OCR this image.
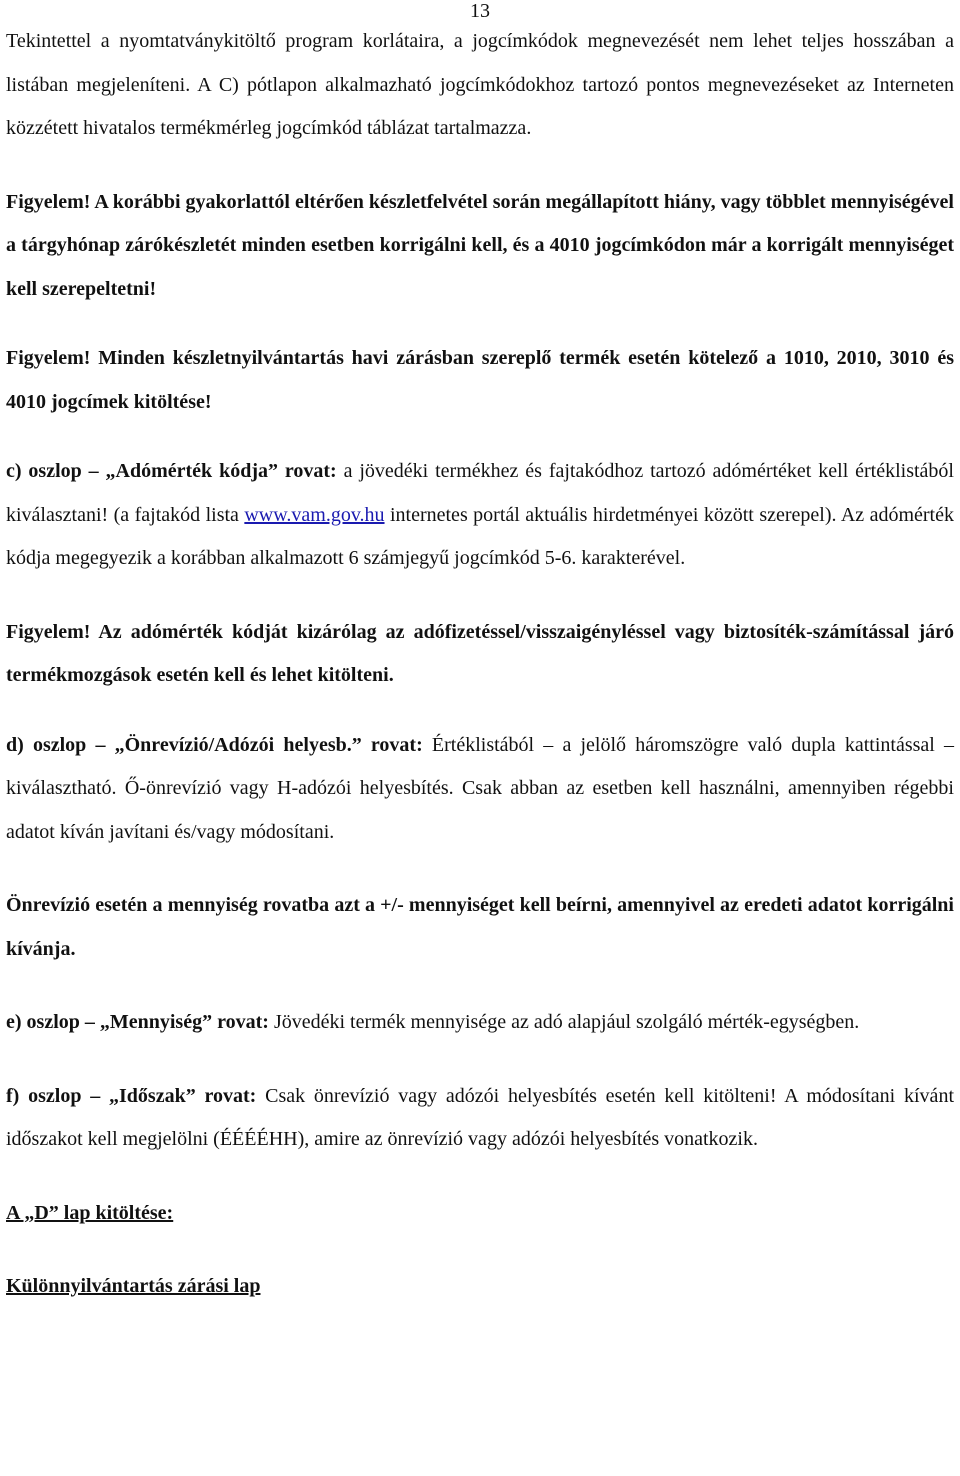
13

Tekintettel a nyomtatványkitöltő program korlátaira, a jogcímkódok megnevezését nem lehet teljes hosszában a listában megjeleníteni. A C) pótlapon alkalmazható jogcímkódokhoz tartozó pontos megnevezéseket az Interneten közzétett hivatalos termékmérleg jogcímkód táblázat tartalmazza.

Figyelem! A korábbi gyakorlattól eltérően készletfelvétel során megállapított hiány, vagy többlet mennyiségével a tárgyhónap zárókészletét minden esetben korrigálni kell, és a 4010 jogcímkódon már a korrigált mennyiséget kell szerepeltetni!

Figyelem! Minden készletnyilvántartás havi zárásban szereplő termék esetén kötelező a 1010, 2010, 3010 és 4010 jogcímek kitöltése!

c) oszlop – „Adómérték kódja” rovat: a jövedéki termékhez és fajtakódhoz tartozó adómértéket kell értéklistából kiválasztani! (a fajtakód lista www.vam.gov.hu internetes portál aktuális hirdetményei között szerepel). Az adómérték kódja megegyezik a korábban alkalmazott 6 számjegyű jogcímkód 5-6. karakterével.

Figyelem! Az adómérték kódját kizárólag az adófizetéssel/visszaigényléssel vagy biztosíték-számítással járó termékmozgások esetén kell és lehet kitölteni.

d) oszlop – „Önrevízió/Adózói helyesb.” rovat: Értéklistából – a jelölő háromszögre való dupla kattintással – kiválasztható. Ő-önrevízió vagy H-adózói helyesbítés. Csak abban az esetben kell használni, amennyiben régebbi adatot kíván javítani és/vagy módosítani.

Önrevízió esetén a mennyiség rovatba azt a +/- mennyiséget kell beírni, amennyivel az eredeti adatot korrigálni kívánja.

e) oszlop – „Mennyiség” rovat: Jövedéki termék mennyisége az adó alapjául szolgáló mérték-egységben.

f) oszlop – „Időszak” rovat: Csak önrevízió vagy adózói helyesbítés esetén kell kitölteni! A módosítani kívánt időszakot kell megjelölni (ÉÉÉÉHH), amire az önrevízió vagy adózói helyesbítés vonatkozik.

A „D” lap kitöltése:

Különnyilvántartás zárási lap
